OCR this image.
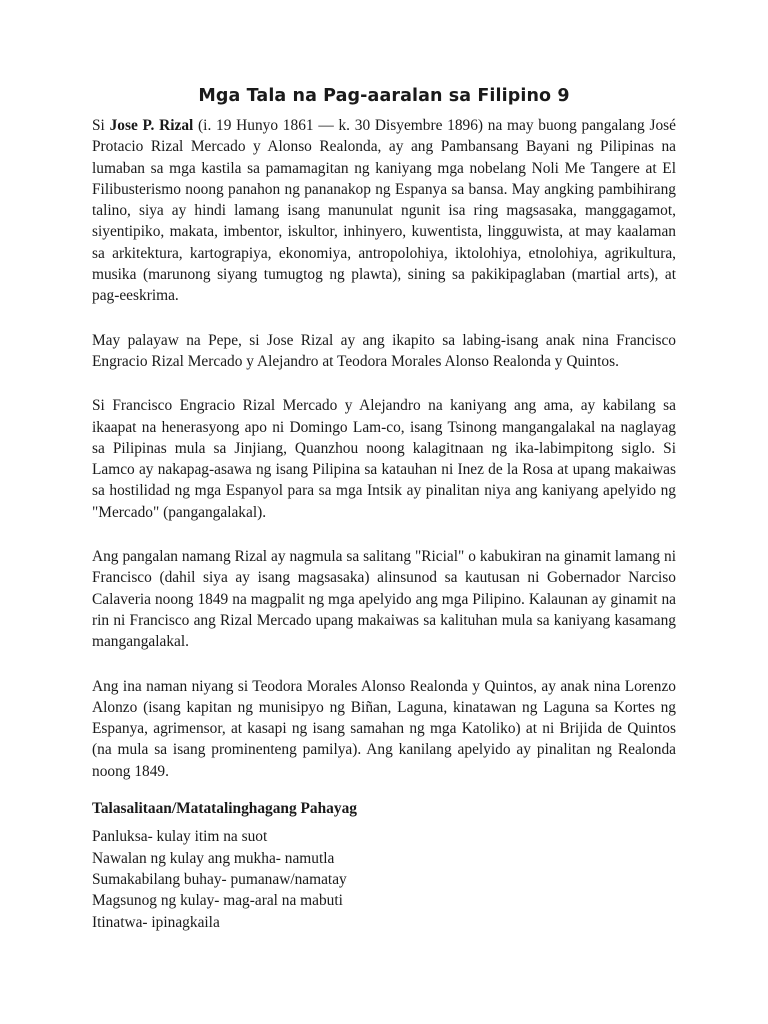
Mga Tala na Pag-aaralan sa Filipino 9

Si Jose P. Rizal (i. 19 Hunyo 1861 — k. 30 Disyembre 1896) na may buong pangalang José Protacio Rizal Mercado y Alonso Realonda, ay ang Pambansang Bayani ng Pilipinas na lumaban sa mga kastila sa pamamagitan ng kaniyang mga nobelang Noli Me Tangere at El Filibusterismo noong panahon ng pananakop ng Espanya sa bansa. May angking pambihirang talino, siya ay hindi lamang isang manunulat ngunit isa ring magsasaka, manggagamot, siyentipiko, makata, imbentor, iskultor, inhinyero, kuwentista, lingguwista, at may kaalaman sa arkitektura, kartograpiya, ekonomiya, antropolohiya, iktolohiya, etnolohiya, agrikultura, musika (marunong siyang tumugtog ng plawta), sining sa pakikipaglaban (martial arts), at pag-eeskrima.

May palayaw na Pepe, si Jose Rizal ay ang ikapito sa labing-isang anak nina Francisco Engracio Rizal Mercado y Alejandro at Teodora Morales Alonso Realonda y Quintos.

Si Francisco Engracio Rizal Mercado y Alejandro na kaniyang ang ama, ay kabilang sa ikaapat na henerasyong apo ni Domingo Lam-co, isang Tsinong mangangalakal na naglayag sa Pilipinas mula sa Jinjiang, Quanzhou noong kalagitnaan ng ika-labimpitong siglo. Si Lamco ay nakapag-asawa ng isang Pilipina sa katauhan ni Inez de la Rosa at upang makaiwas sa hostilidad ng mga Espanyol para sa mga Intsik ay pinalitan niya ang kaniyang apelyido ng "Mercado" (pangangalakal).

Ang pangalan namang Rizal ay nagmula sa salitang "Ricial" o kabukiran na ginamit lamang ni Francisco (dahil siya ay isang magsasaka) alinsunod sa kautusan ni Gobernador Narciso Calaveria noong 1849 na magpalit ng mga apelyido ang mga Pilipino. Kalaunan ay ginamit na rin ni Francisco ang Rizal Mercado upang makaiwas sa kalituhan mula sa kaniyang kasamang mangangalakal.

Ang ina naman niyang si Teodora Morales Alonso Realonda y Quintos, ay anak nina Lorenzo Alonzo (isang kapitan ng munisipyo ng Biñan, Laguna, kinatawan ng Laguna sa Kortes ng Espanya, agrimensor, at kasapi ng isang samahan ng mga Katoliko) at ni Brijida de Quintos (na mula sa isang prominenteng pamilya). Ang kanilang apelyido ay pinalitan ng Realonda noong 1849.

Talasalitaan/Matatalinghagang Pahayag
Panluksa- kulay itim na suot
Nawalan ng kulay ang mukha- namutla
Sumakabilang buhay- pumanaw/namatay
Magsunog ng kulay- mag-aral na mabuti
Itinatwa- ipinagkaila
